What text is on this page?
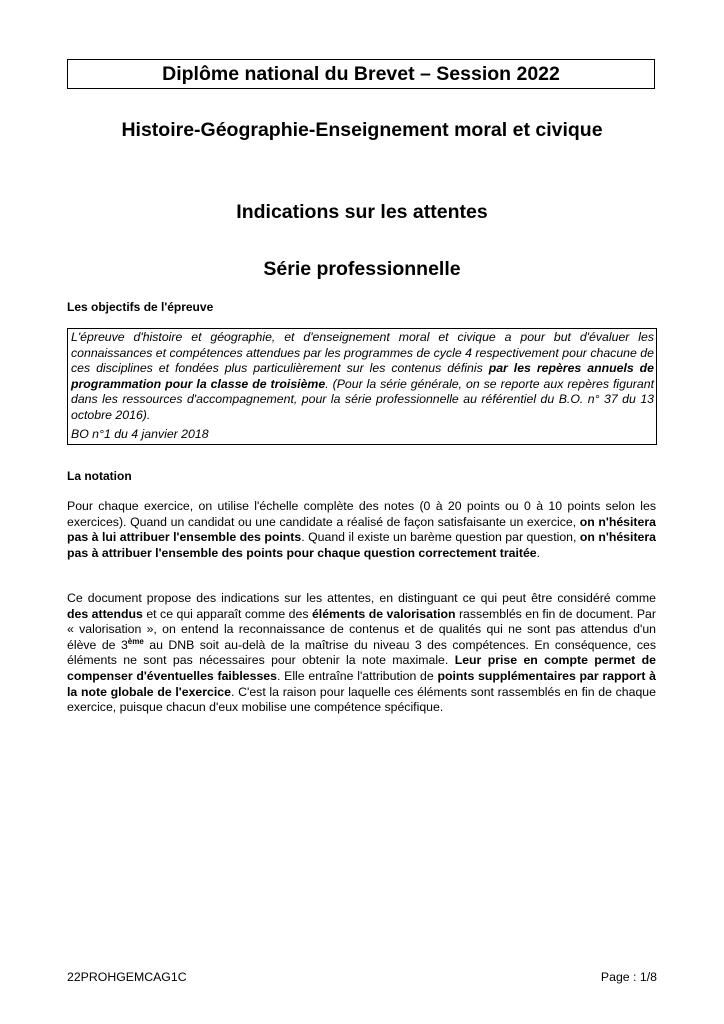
Diplôme national du Brevet – Session 2022
Histoire-Géographie-Enseignement moral et civique
Indications sur les attentes
Série professionnelle
Les objectifs de l'épreuve

L'épreuve d'histoire et géographie, et d'enseignement moral et civique a pour but d'évaluer les connaissances et compétences attendues par les programmes de cycle 4 respectivement pour chacune de ces disciplines et fondées plus particulièrement sur les contenus définis par les repères annuels de programmation pour la classe de troisième. (Pour la série générale, on se reporte aux repères figurant dans les ressources d'accompagnement, pour la série professionnelle au référentiel du B.O. n° 37 du 13 octobre 2016).

BO n°1 du 4 janvier 2018

La notation

Pour chaque exercice, on utilise l'échelle complète des notes (0 à 20 points ou 0 à 10 points selon les exercices). Quand un candidat ou une candidate a réalisé de façon satisfaisante un exercice, on n'hésitera pas à lui attribuer l'ensemble des points. Quand il existe un barème question par question, on n'hésitera pas à attribuer l'ensemble des points pour chaque question correctement traitée.

Ce document propose des indications sur les attentes, en distinguant ce qui peut être considéré comme des attendus et ce qui apparaît comme des éléments de valorisation rassemblés en fin de document. Par « valorisation », on entend la reconnaissance de contenus et de qualités qui ne sont pas attendus d'un élève de 3ème au DNB soit au-delà de la maîtrise du niveau 3 des compétences. En conséquence, ces éléments ne sont pas nécessaires pour obtenir la note maximale. Leur prise en compte permet de compenser d'éventuelles faiblesses. Elle entraîne l'attribution de points supplémentaires par rapport à la note globale de l'exercice. C'est la raison pour laquelle ces éléments sont rassemblés en fin de chaque exercice, puisque chacun d'eux mobilise une compétence spécifique.

22PROHGEMCAG1C	Page : 1/8
